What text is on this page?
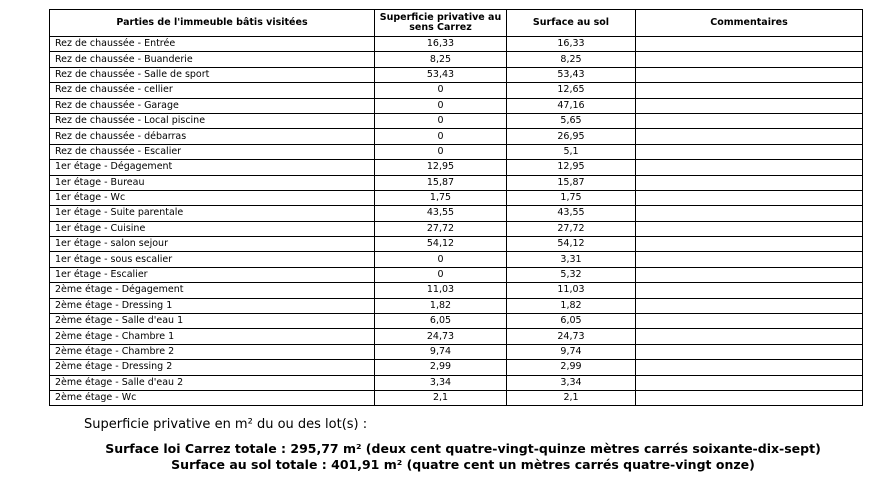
Parties de l'immeuble bâtis visitées	Superficie privative au sens Carrez	Surface au sol	Commentaires
Rez de chaussée - Entrée	16,33	16,33	
Rez de chaussée - Buanderie	8,25	8,25	
Rez de chaussée - Salle de sport	53,43	53,43	
Rez de chaussée - cellier	0	12,65	
Rez de chaussée - Garage	0	47,16	
Rez de chaussée - Local piscine	0	5,65	
Rez de chaussée - débarras	0	26,95	
Rez de chaussée - Escalier	0	5,1	
1er étage - Dégagement	12,95	12,95	
1er étage - Bureau	15,87	15,87	
1er étage - Wc	1,75	1,75	
1er étage - Suite parentale	43,55	43,55	
1er étage - Cuisine	27,72	27,72	
1er étage - salon sejour	54,12	54,12	
1er étage - sous escalier	0	3,31	
1er étage - Escalier	0	5,32	
2ème étage - Dégagement	11,03	11,03	
2ème étage - Dressing 1	1,82	1,82	
2ème étage - Salle d'eau 1	6,05	6,05	
2ème étage - Chambre 1	24,73	24,73	
2ème étage - Chambre 2	9,74	9,74	
2ème étage - Dressing 2	2,99	2,99	
2ème étage - Salle d'eau 2	3,34	3,34	
2ème étage - Wc	2,1	2,1	
Superficie privative en m² du ou des lot(s) :
Surface loi Carrez totale : 295,77 m² (deux cent quatre-vingt-quinze mètres carrés soixante-dix-sept)
Surface au sol totale : 401,91 m² (quatre cent un mètres carrés quatre-vingt onze)
